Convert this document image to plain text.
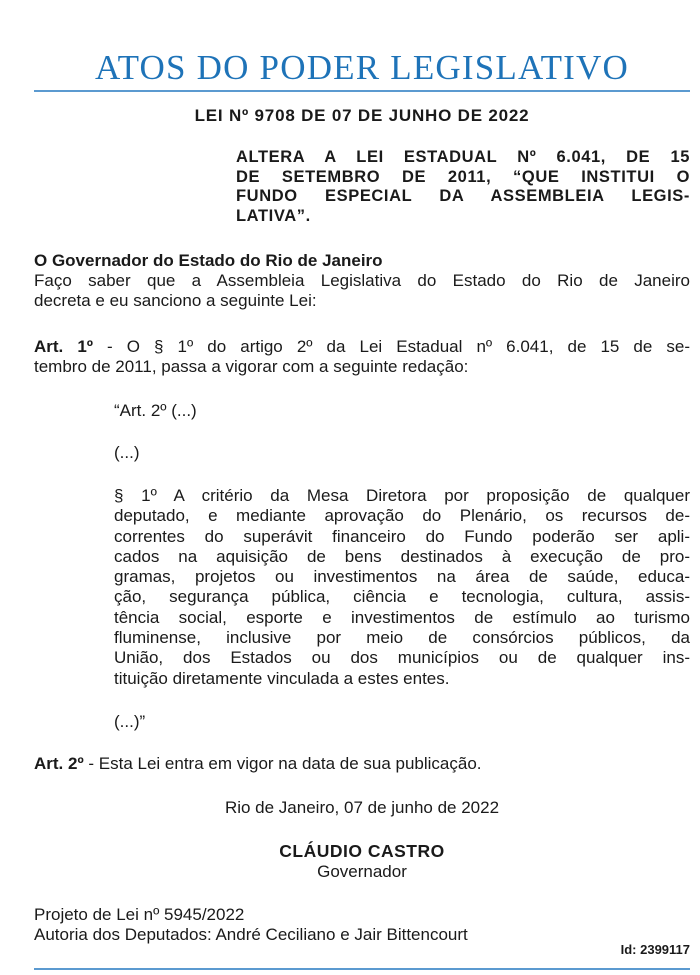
ATOS DO PODER LEGISLATIVO
LEI Nº 9708 DE 07 DE JUNHO DE 2022
ALTERA A LEI ESTADUAL Nº 6.041, DE 15
DE SETEMBRO DE 2011, “QUE INSTITUI O
FUNDO ESPECIAL DA ASSEMBLEIA LEGIS-
LATIVA”.
O Governador do Estado do Rio de Janeiro
Faço saber que a Assembleia Legislativa do Estado do Rio de Janeiro
decreta e eu sanciono a seguinte Lei:
Art. 1º - O § 1º do artigo 2º da Lei Estadual nº 6.041, de 15 de se-
tembro de 2011, passa a vigorar com a seguinte redação:
“Art. 2º (...)
(...)
§ 1º A critério da Mesa Diretora por proposição de qualquer
deputado, e mediante aprovação do Plenário, os recursos de-
correntes do superávit financeiro do Fundo poderão ser apli-
cados na aquisição de bens destinados à execução de pro-
gramas, projetos ou investimentos na área de saúde, educa-
ção, segurança pública, ciência e tecnologia, cultura, assis-
tência social, esporte e investimentos de estímulo ao turismo
fluminense, inclusive por meio de consórcios públicos, da
União, dos Estados ou dos municípios ou de qualquer ins-
tituição diretamente vinculada a estes entes.
(...)”
Art. 2º - Esta Lei entra em vigor na data de sua publicação.
Rio de Janeiro, 07 de junho de 2022
CLÁUDIO CASTRO
Governador
Projeto de Lei nº 5945/2022
Autoria dos Deputados: André Ceciliano e Jair Bittencourt
Id: 2399117
